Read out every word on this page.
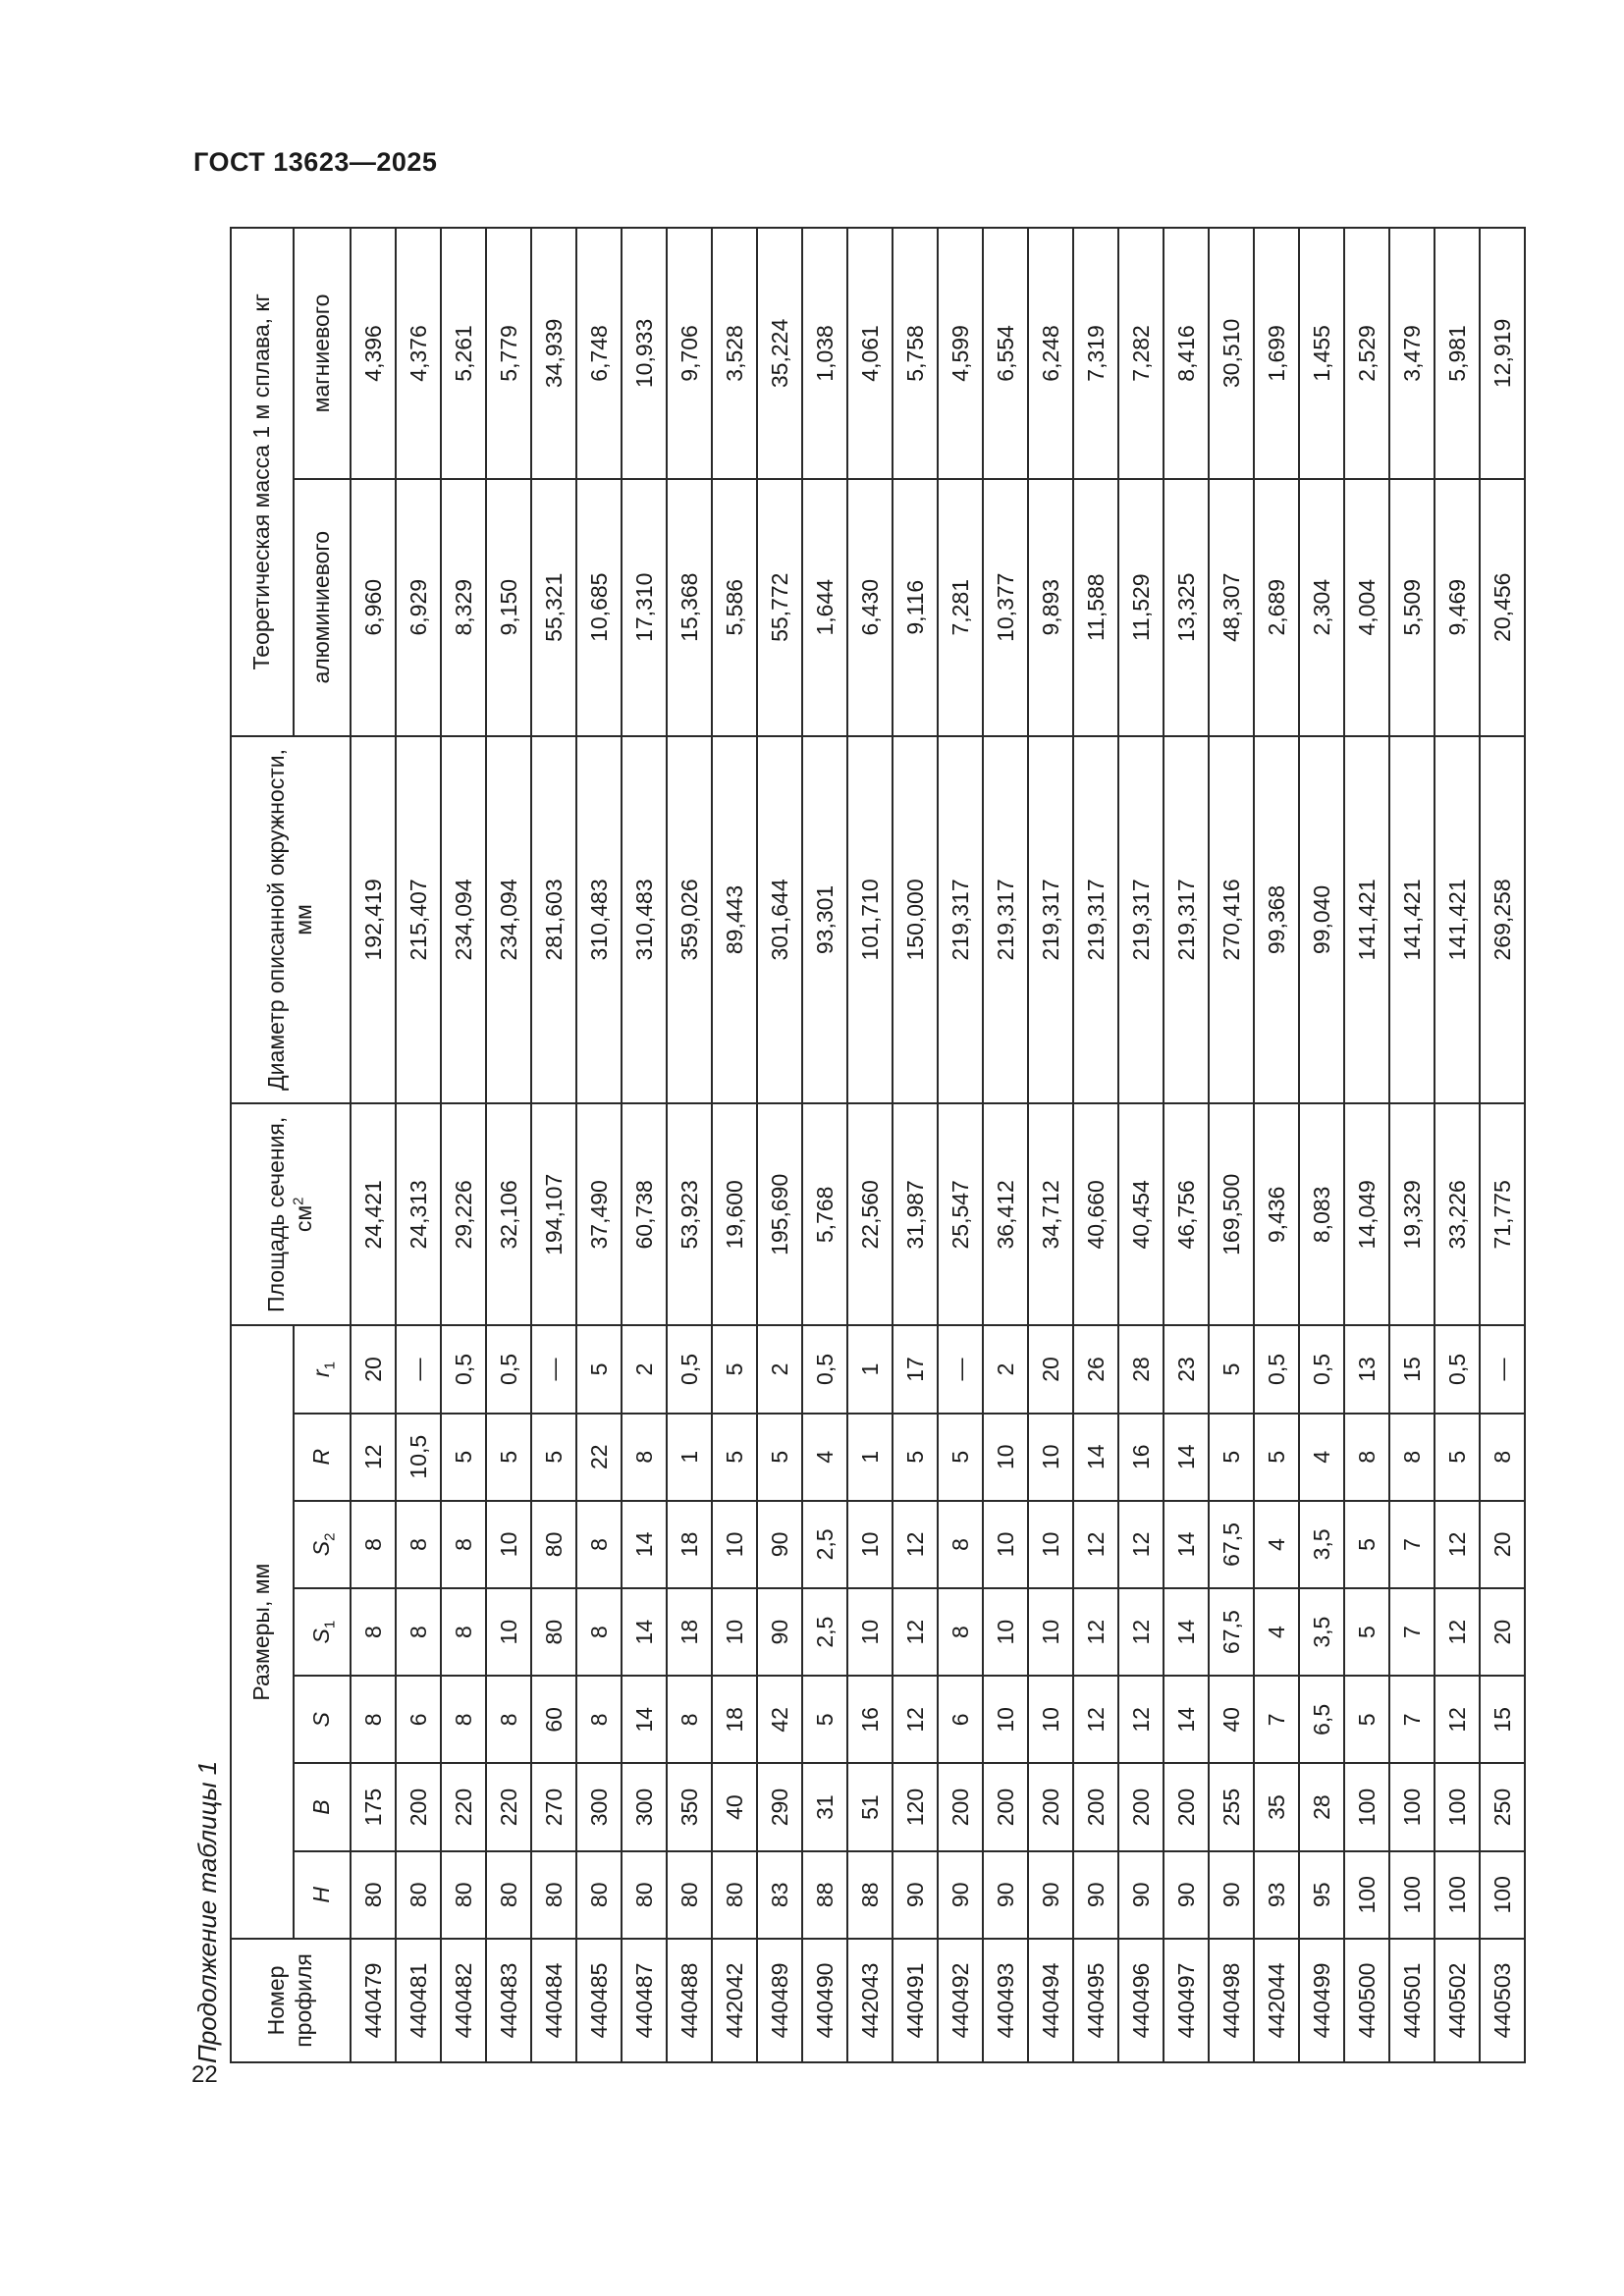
ГОСТ 13623—2025
22
Продолжение таблицы 1 Номер профиля	Размеры, мм							Площадь сечения, $см^2$	Диаметр описанной окружности, мм	Теоретическая масса 1 м сплава, кг	
	H	B	S	$S_1$	$S_2$	R	$r_1$			алюминиевого	магниевого
440479	80	175	8	8	8	12	20	24,421	192,419	6,960	4,396
440481	80	200	6	8	8	10,5	—	24,313	215,407	6,929	4,376
440482	80	220	8	8	8	5	0,5	29,226	234,094	8,329	5,261
440483	80	220	8	10	10	5	0,5	32,106	234,094	9,150	5,779
440484	80	270	60	80	80	5	—	194,107	281,603	55,321	34,939
440485	80	300	8	8	8	22	5	37,490	310,483	10,685	6,748
440487	80	300	14	14	14	8	2	60,738	310,483	17,310	10,933
440488	80	350	8	18	18	1	0,5	53,923	359,026	15,368	9,706
442042	80	40	18	10	10	5	5	19,600	89,443	5,586	3,528
440489	83	290	42	90	90	5	2	195,690	301,644	55,772	35,224
440490	88	31	5	2,5	2,5	4	0,5	5,768	93,301	1,644	1,038
442043	88	51	16	10	10	1	1	22,560	101,710	6,430	4,061
440491	90	120	12	12	12	5	17	31,987	150,000	9,116	5,758
440492	90	200	6	8	8	5	—	25,547	219,317	7,281	4,599
440493	90	200	10	10	10	10	2	36,412	219,317	10,377	6,554
440494	90	200	10	10	10	10	20	34,712	219,317	9,893	6,248
440495	90	200	12	12	12	14	26	40,660	219,317	11,588	7,319
440496	90	200	12	12	12	16	28	40,454	219,317	11,529	7,282
440497	90	200	14	14	14	14	23	46,756	219,317	13,325	8,416
440498	90	255	40	67,5	67,5	5	5	169,500	270,416	48,307	30,510
442044	93	35	7	4	4	5	0,5	9,436	99,368	2,689	1,699
440499	95	28	6,5	3,5	3,5	4	0,5	8,083	99,040	2,304	1,455
440500	100	100	5	5	5	8	13	14,049	141,421	4,004	2,529
440501	100	100	7	7	7	8	15	19,329	141,421	5,509	3,479
440502	100	100	12	12	12	5	0,5	33,226	141,421	9,469	5,981
440503	100	250	15	20	20	8	—	71,775	269,258	20,456	12,919
